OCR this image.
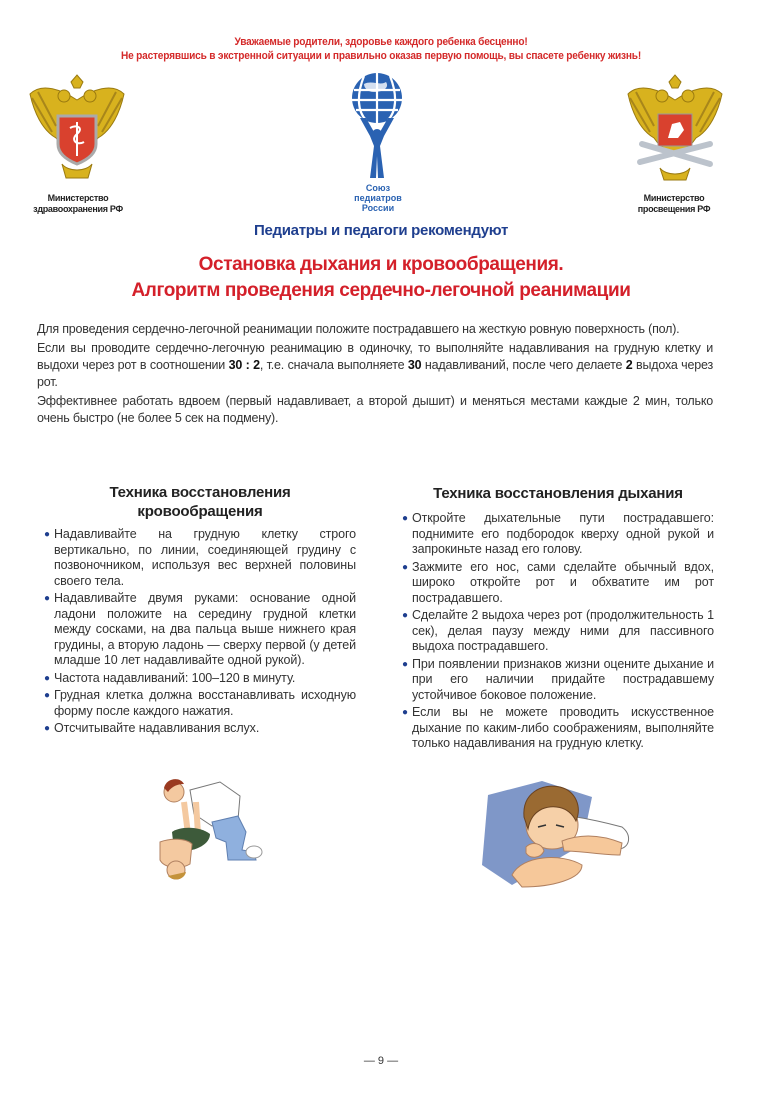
Уважаемые родители, здоровье каждого ребенка бесценно!
Не растерявшись в экстренной ситуации и правильно оказав первую помощь, вы спасете ребенку жизнь!
Министерство
здравоохранения РФ
Союз
педиатров
России
Министерство
просвещения РФ
Педиатры и педагоги рекомендуют
Остановка дыхания и кровообращения.
Алгоритм проведения сердечно-легочной реанимации

Для проведения сердечно-легочной реанимации положите пострадавшего на жесткую ровную поверхность (пол).

Если вы проводите сердечно-легочную реанимацию в одиночку, то выполняйте надавливания на грудную клетку и выдохи через рот в соотношении 30 : 2, т.е. сначала выполняете 30 надавливаний, после чего делаете 2 выдоха через рот.

Эффективнее работать вдвоем (первый надавливает, а второй дышит) и меняться местами каждые 2 мин, только очень быстро (не более 5 сек на подмену).

Техника восстановления
кровообращения
● Надавливайте на грудную клетку строго вертикально, по линии, соединяющей грудину с позвоночником, используя вес верхней половины своего тела.
● Надавливайте двумя руками: основание одной ладони положите на середину грудной клетки между сосками, на два пальца выше нижнего края грудины, а вторую ладонь — сверху первой (у детей младше 10 лет надавливайте одной рукой).
● Частота надавливаний: 100–120 в минуту.
● Грудная клетка должна восстанавливать исходную форму после каждого нажатия.
● Отсчитывайте надавливания вслух.
Техника восстановления дыхания
● Откройте дыхательные пути пострадавшего: поднимите его подбородок кверху одной рукой и запрокиньте назад его голову.
● Зажмите его нос, сами сделайте обычный вдох, широко откройте рот и обхватите им рот пострадавшего.
● Сделайте 2 выдоха через рот (продолжительность 1 сек), делая паузу между ними для пассивного выдоха пострадавшего.
● При появлении признаков жизни оцените дыхание и при его наличии придайте пострадавшему устойчивое боковое положение.
● Если вы не можете проводить искусственное дыхание по каким-либо соображениям, выполняйте только надавливания на грудную клетку.
— 9 —
